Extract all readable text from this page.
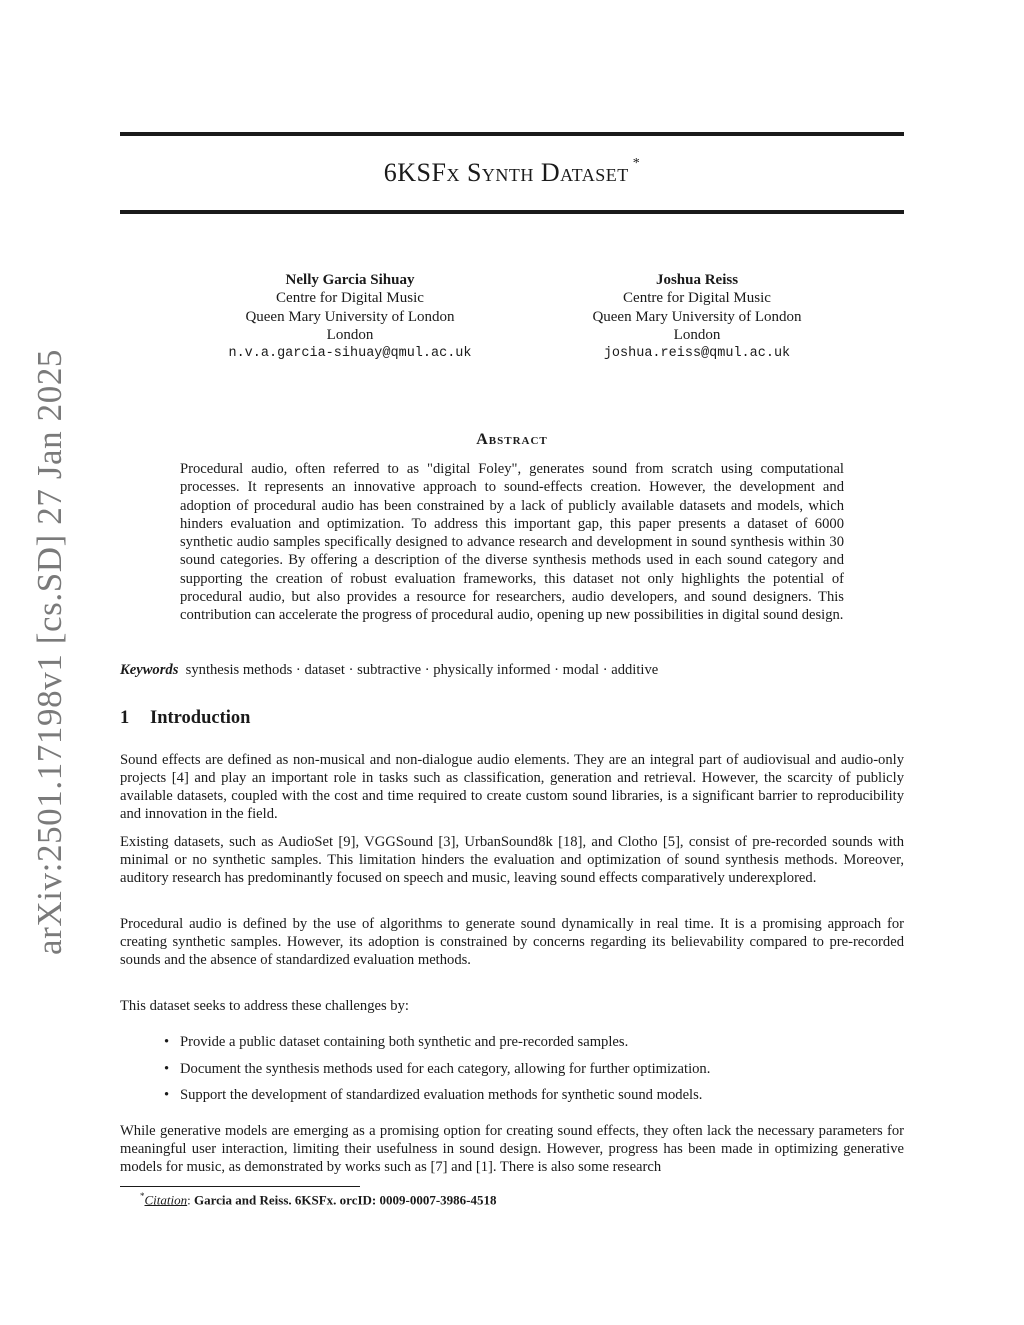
arXiv:2501.17198v1 [cs.SD] 27 Jan 2025
6KSFx Synth Dataset *
Nelly Garcia Sihuay
Centre for Digital Music
Queen Mary University of London
London
n.v.a.garcia-sihuay@qmul.ac.uk
Joshua Reiss
Centre for Digital Music
Queen Mary University of London
London
joshua.reiss@qmul.ac.uk
Abstract
Procedural audio, often referred to as "digital Foley", generates sound from scratch using computational processes. It represents an innovative approach to sound-effects creation. However, the development and adoption of procedural audio has been constrained by a lack of publicly available datasets and models, which hinders evaluation and optimization. To address this important gap, this paper presents a dataset of 6000 synthetic audio samples specifically designed to advance research and development in sound synthesis within 30 sound categories. By offering a description of the diverse synthesis methods used in each sound category and supporting the creation of robust evaluation frameworks, this dataset not only highlights the potential of procedural audio, but also provides a resource for researchers, audio developers, and sound designers. This contribution can accelerate the progress of procedural audio, opening up new possibilities in digital sound design.
Keywords synthesis methods · dataset · subtractive · physically informed · modal · additive
1 Introduction
Sound effects are defined as non-musical and non-dialogue audio elements. They are an integral part of audiovisual and audio-only projects [4] and play an important role in tasks such as classification, generation and retrieval. However, the scarcity of publicly available datasets, coupled with the cost and time required to create custom sound libraries, is a significant barrier to reproducibility and innovation in the field.
Existing datasets, such as AudioSet [9], VGGSound [3], UrbanSound8k [18], and Clotho [5], consist of pre-recorded sounds with minimal or no synthetic samples. This limitation hinders the evaluation and optimization of sound synthesis methods. Moreover, auditory research has predominantly focused on speech and music, leaving sound effects comparatively underexplored.
Procedural audio is defined by the use of algorithms to generate sound dynamically in real time. It is a promising approach for creating synthetic samples. However, its adoption is constrained by concerns regarding its believability compared to pre-recorded sounds and the absence of standardized evaluation methods.
This dataset seeks to address these challenges by:
• Provide a public dataset containing both synthetic and pre-recorded samples.
• Document the synthesis methods used for each category, allowing for further optimization.
• Support the development of standardized evaluation methods for synthetic sound models.
While generative models are emerging as a promising option for creating sound effects, they often lack the necessary parameters for meaningful user interaction, limiting their usefulness in sound design. However, progress has been made in optimizing generative models for music, as demonstrated by works such as [7] and [1]. There is also some research
*Citation: Garcia and Reiss. 6KSFx. orcID: 0009-0007-3986-4518
